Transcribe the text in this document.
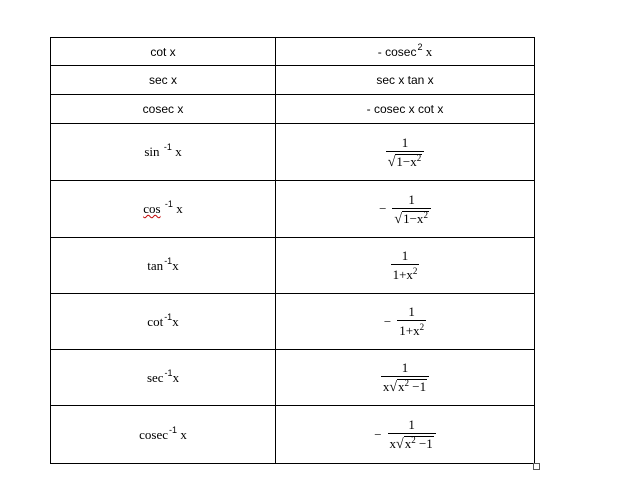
cot x	- cosec$^2$ x
sec x	sec x tan x
cosec x	- cosec x cot x
sin $^{-1}$ x	$\frac{1}{√1-x^2}$

cos $^{-1}$ x	− $\frac{1}{√1-x^2}$

$\tan^{-1}x$	$\frac{1}{1+x^2}$

$\cot^{-1}x$	− $\frac{1}{1+x^2}$

$\sec^{-1}x$	$\frac{1}{x√x^2 -1}$

cosec$^{-1}$ x	− $\frac{1}{x√x^2 -1}$
